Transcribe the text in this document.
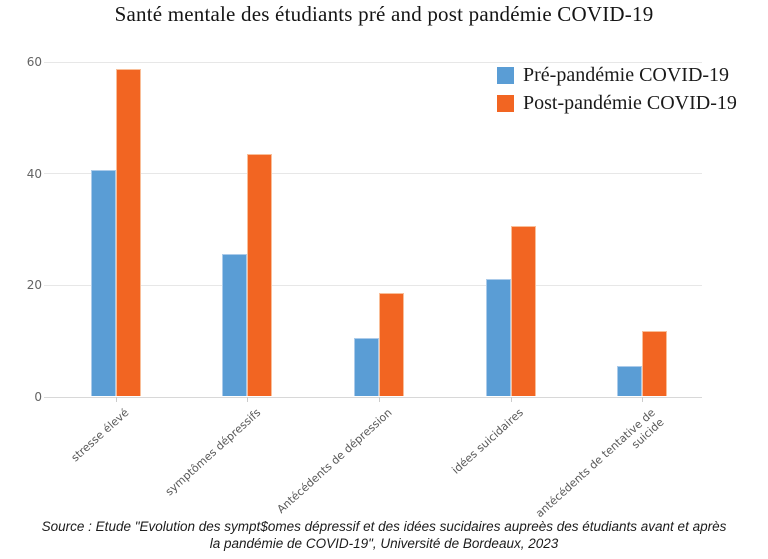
Santé mentale des étudiants pré and post pandémie COVID-19
0
20
40
60
stresse élevé	symptômes dépressifs Antécédents de dépression	idées suicidaires antécédents de tentative de
suicide
Pré-pandémie COVID-19
Post-pandémie COVID-19
Source : Etude "Evolution des sympt$omes dépressif et des idées sucidaires aupreès des étudiants avant et après
la pandémie de COVID-19", Université de Bordeaux, 2023
